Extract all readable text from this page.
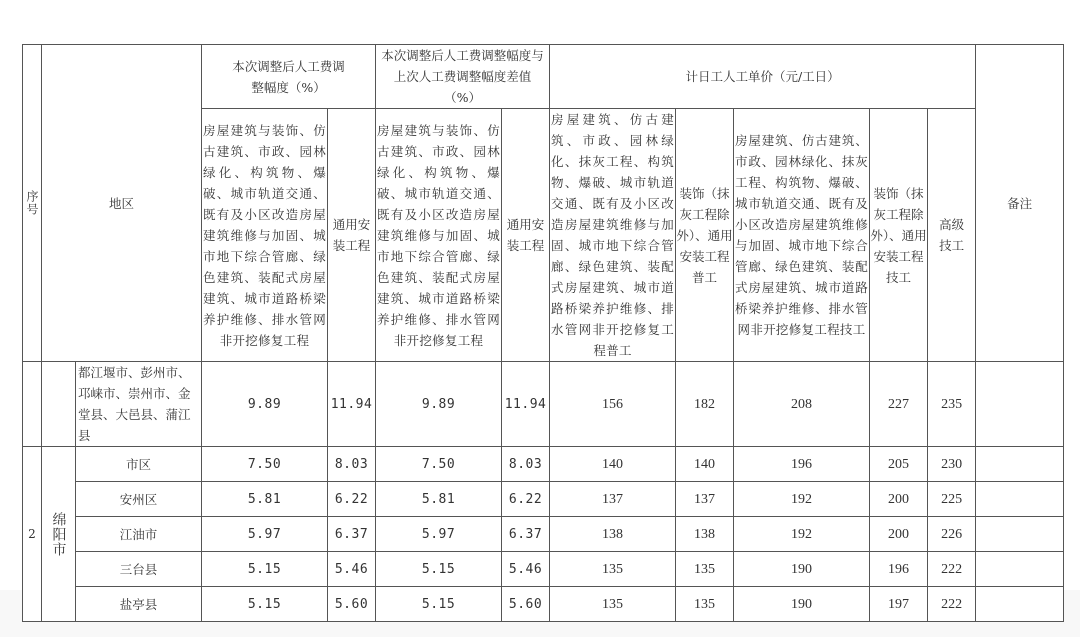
序号	地区		本次调整后人工费调整幅度（%）		本次调整后人工费调整幅度与上次人工费调整幅度差值（%）		计日工人工单价（元/工日）					备注
			房屋建筑与装饰、仿古建筑、市政、园林绿化、构筑物、爆破、城市轨道交通、既有及小区改造房屋建筑维修与加固、城市地下综合管廊、绿色建筑、装配式房屋建筑、城市道路桥梁养护维修、排水管网非开挖修复工程	通用安装工程	房屋建筑与装饰、仿古建筑、市政、园林绿化、构筑物、爆破、城市轨道交通、既有及小区改造房屋建筑维修与加固、城市地下综合管廊、绿色建筑、装配式房屋建筑、城市道路桥梁养护维修、排水管网非开挖修复工程	通用安装工程	房屋建筑、仿古建筑、市政、园林绿化、抹灰工程、构筑物、爆破、城市轨道交通、既有及小区改造房屋建筑维修与加固、城市地下综合管廊、绿色建筑、装配式房屋建筑、城市道路桥梁养护维修、排水管网非开挖修复工程普工	装饰（抹灰工程除外）、通用安装工程普工	房屋建筑、仿古建筑、市政、园林绿化、抹灰工程、构筑物、爆破、城市轨道交通、既有及小区改造房屋建筑维修与加固、城市地下综合管廊、绿色建筑、装配式房屋建筑、城市道路桥梁养护维修、排水管网非开挖修复工程技工	装饰（抹灰工程除外）、通用安装工程技工	高级技工	
		都江堰市、彭州市、邛崃市、崇州市、金堂县、大邑县、蒲江县	9.89	11.94	9.89	11.94	156	182	208	227	235	
2	绵阳市	市区	7.50	8.03	7.50	8.03	140	140	196	205	230	
		安州区	5.81	6.22	5.81	6.22	137	137	192	200	225	
		江油市	5.97	6.37	5.97	6.37	138	138	192	200	226	
		三台县	5.15	5.46	5.15	5.46	135	135	190	196	222	
		盐亭县	5.15	5.60	5.15	5.60	135	135	190	197	222	
